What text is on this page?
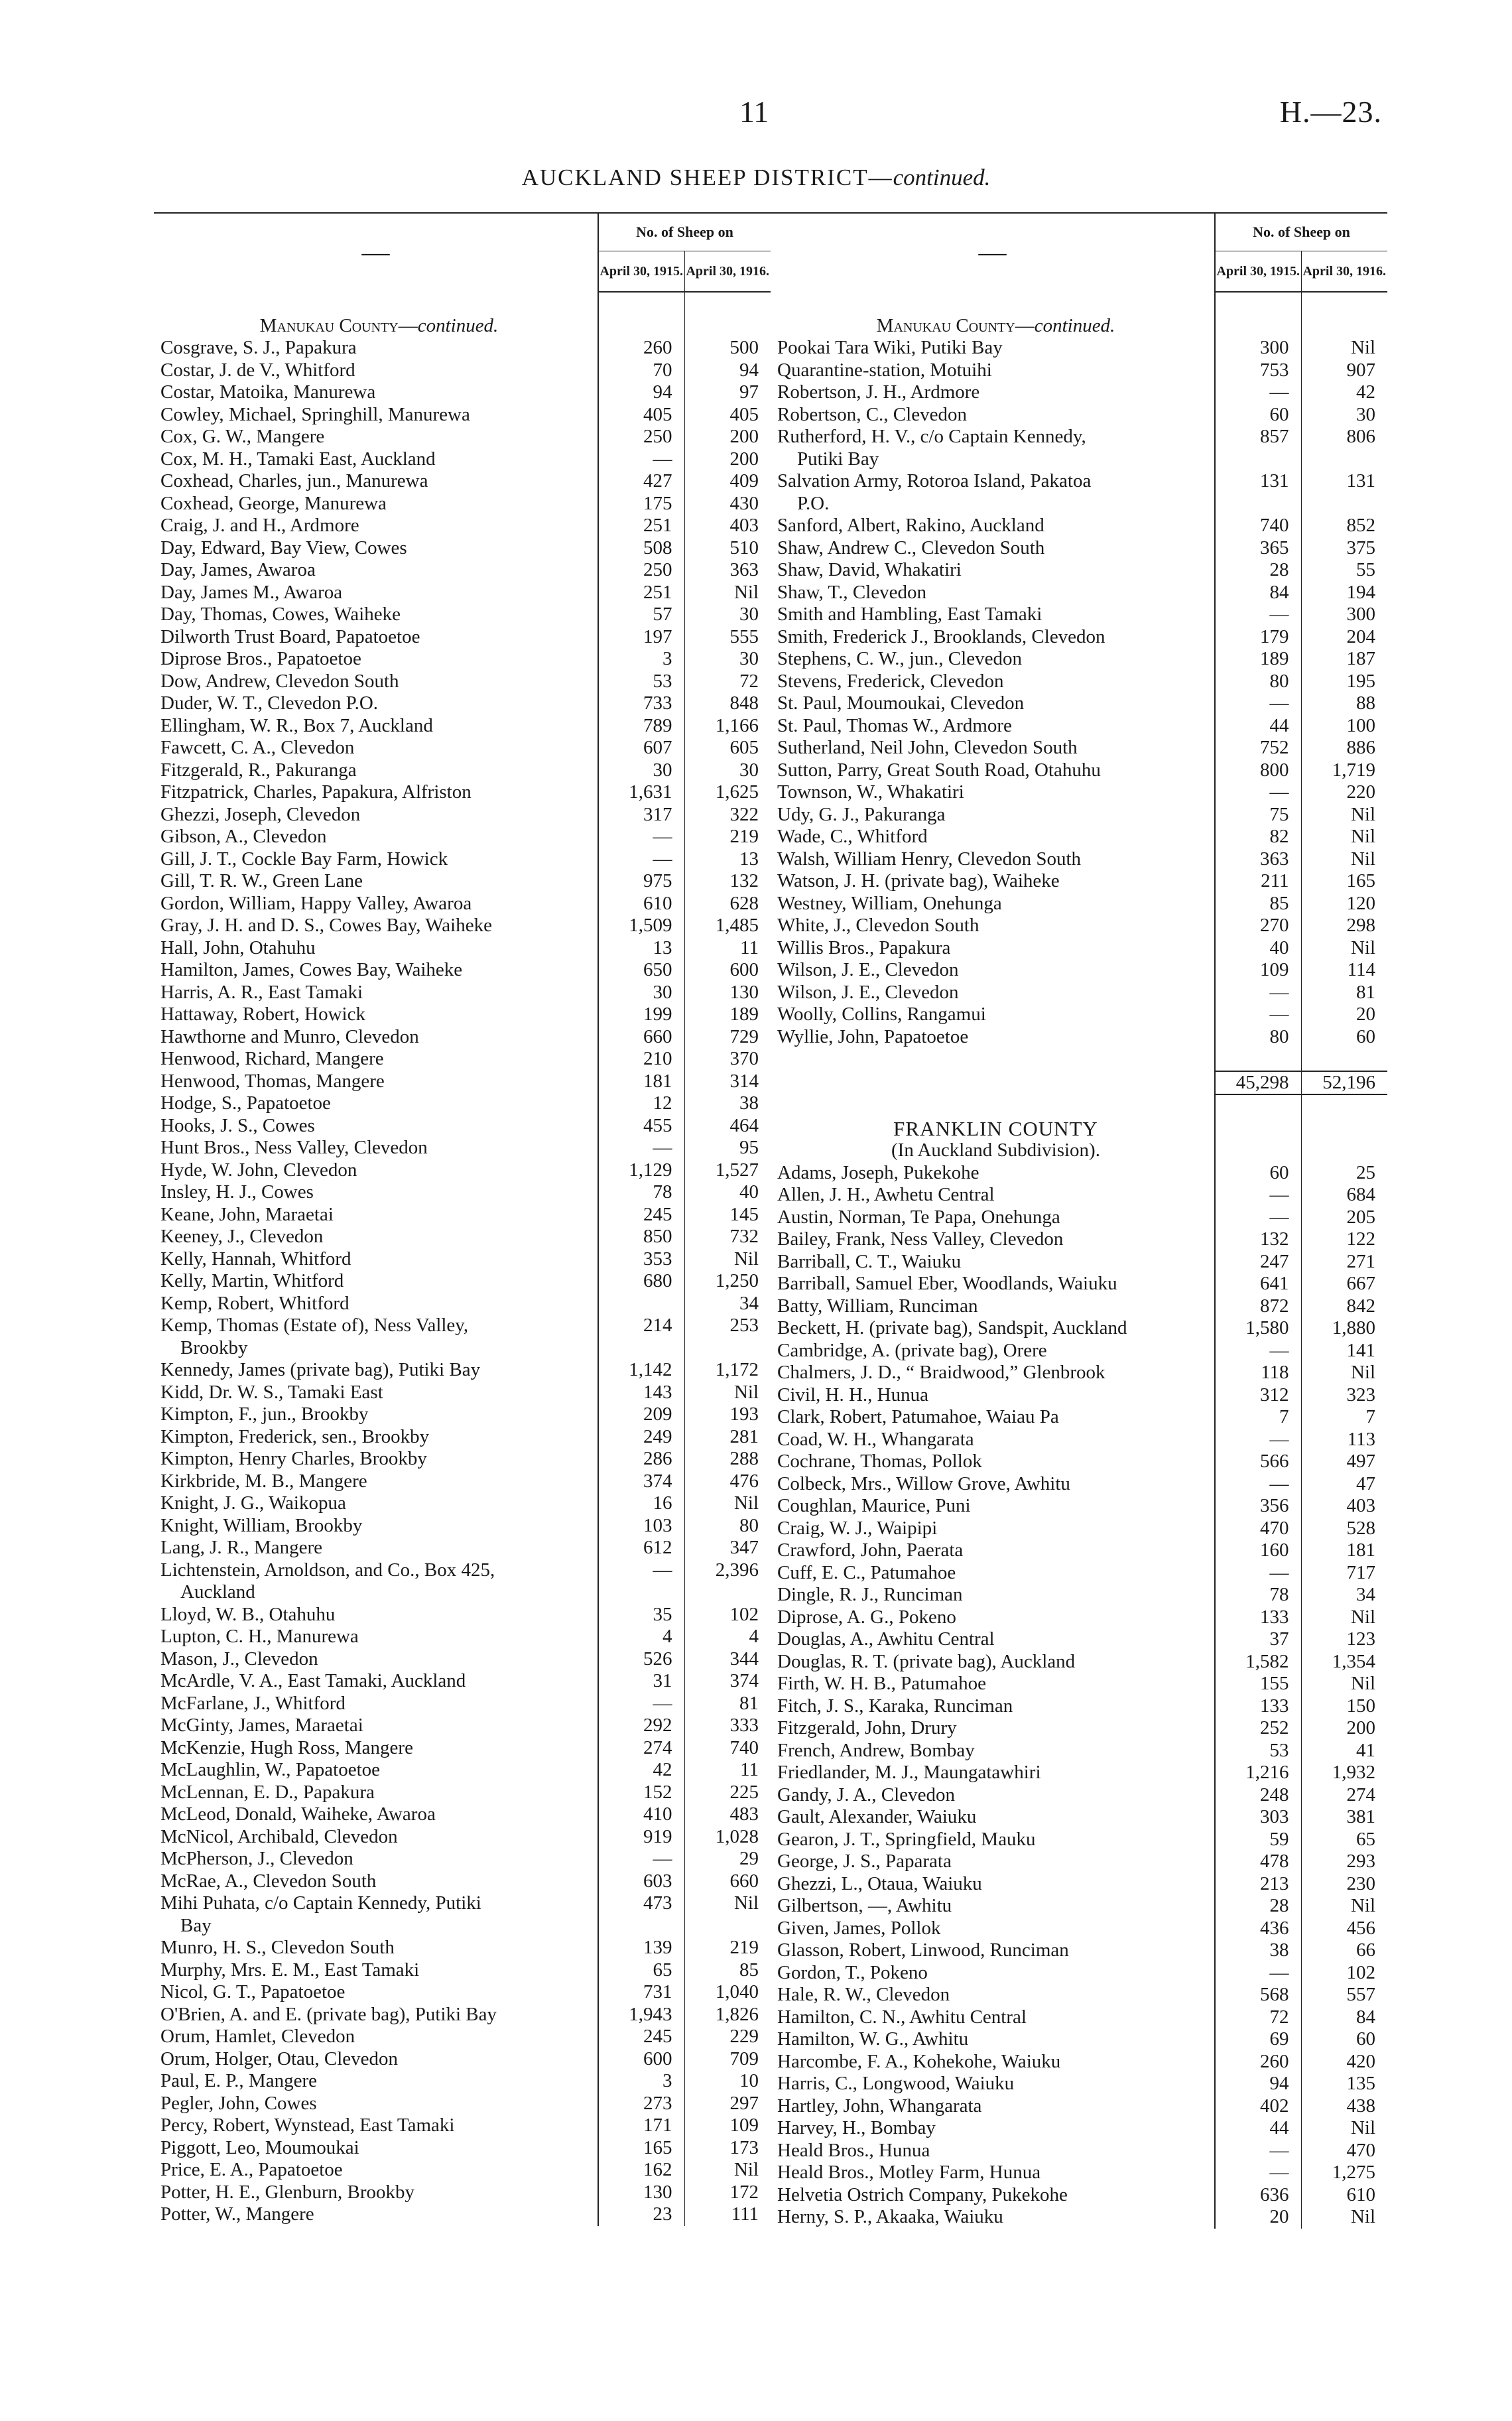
11	H.—23.
AUCKLAND SHEEP DISTRICT—continued.
—	No. of Sheep on	
	April 30, 1915.	April 30, 1916.

Manukau County—continued.		
Cosgrave, S. J., Papakura	260	500
Costar, J. de V., Whitford	70	94
Costar, Matoika, Manurewa	94	97
Cowley, Michael, Springhill, Manurewa	405	405
Cox, G. W., Mangere	250	200
Cox, M. H., Tamaki East, Auckland	—	200
Coxhead, Charles, jun., Manurewa	427	409
Coxhead, George, Manurewa	175	430
Craig, J. and H., Ardmore	251	403
Day, Edward, Bay View, Cowes	508	510
Day, James, Awaroa	250	363
Day, James M., Awaroa	251	Nil
Day, Thomas, Cowes, Waiheke	57	30
Dilworth Trust Board, Papatoetoe	197	555
Diprose Bros., Papatoetoe	3	30
Dow, Andrew, Clevedon South	53	72
Duder, W. T., Clevedon P.O.	733	848
Ellingham, W. R., Box 7, Auckland	789	1,166
Fawcett, C. A., Clevedon	607	605
Fitzgerald, R., Pakuranga	30	30
Fitzpatrick, Charles, Papakura, Alfriston	1,631	1,625
Ghezzi, Joseph, Clevedon	317	322
Gibson, A., Clevedon	—	219
Gill, J. T., Cockle Bay Farm, Howick	—	13
Gill, T. R. W., Green Lane	975	132
Gordon, William, Happy Valley, Awaroa	610	628
Gray, J. H. and D. S., Cowes Bay, Waiheke	1,509	1,485
Hall, John, Otahuhu	13	11
Hamilton, James, Cowes Bay, Waiheke	650	600
Harris, A. R., East Tamaki	30	130
Hattaway, Robert, Howick	199	189
Hawthorne and Munro, Clevedon	660	729
Henwood, Richard, Mangere	210	370
Henwood, Thomas, Mangere	181	314
Hodge, S., Papatoetoe	12	38
Hooks, J. S., Cowes	455	464
Hunt Bros., Ness Valley, Clevedon	—	95
Hyde, W. John, Clevedon	1,129	1,527
Insley, H. J., Cowes	78	40
Keane, John, Maraetai	245	145
Keeney, J., Clevedon	850	732
Kelly, Hannah, Whitford	353	Nil
Kelly, Martin, Whitford	680	1,250
Kemp, Robert, Whitford		34
Kemp, Thomas (Estate of), Ness Valley,	214	253
Brookby		
Kennedy, James (private bag), Putiki Bay	1,142	1,172
Kidd, Dr. W. S., Tamaki East	143	Nil
Kimpton, F., jun., Brookby	209	193
Kimpton, Frederick, sen., Brookby	249	281
Kimpton, Henry Charles, Brookby	286	288
Kirkbride, M. B., Mangere	374	476
Knight, J. G., Waikopua	16	Nil
Knight, William, Brookby	103	80
Lang, J. R., Mangere	612	347
Lichtenstein, Arnoldson, and Co., Box 425,	—	2,396
Auckland		
Lloyd, W. B., Otahuhu	35	102
Lupton, C. H., Manurewa	4	4
Mason, J., Clevedon	526	344
McArdle, V. A., East Tamaki, Auckland	31	374
McFarlane, J., Whitford	—	81
McGinty, James, Maraetai	292	333
McKenzie, Hugh Ross, Mangere	274	740
McLaughlin, W., Papatoetoe	42	11
McLennan, E. D., Papakura	152	225
McLeod, Donald, Waiheke, Awaroa	410	483
McNicol, Archibald, Clevedon	919	1,028
McPherson, J., Clevedon	—	29
McRae, A., Clevedon South	603	660
Mihi Puhata, c/o Captain Kennedy, Putiki	473	Nil
Bay		
Munro, H. S., Clevedon South	139	219
Murphy, Mrs. E. M., East Tamaki	65	85
Nicol, G. T., Papatoetoe	731	1,040
O'Brien, A. and E. (private bag), Putiki Bay	1,943	1,826
Orum, Hamlet, Clevedon	245	229
Orum, Holger, Otau, Clevedon	600	709
Paul, E. P., Mangere	3	10
Pegler, John, Cowes	273	297
Percy, Robert, Wynstead, East Tamaki	171	109
Piggott, Leo, Moumoukai	165	173
Price, E. A., Papatoetoe	162	Nil
Potter, H. E., Glenburn, Brookby	130	172
Potter, W., Mangere	23	111
—	No. of Sheep on	
	April 30, 1915.	April 30, 1916.

Manukau County—continued.		
Pookai Tara Wiki, Putiki Bay	300	Nil
Quarantine-station, Motuihi	753	907
Robertson, J. H., Ardmore	—	42
Robertson, C., Clevedon	60	30
Rutherford, H. V., c/o Captain Kennedy,	857	806
Putiki Bay		
Salvation Army, Rotoroa Island, Pakatoa	131	131
P.O.		
Sanford, Albert, Rakino, Auckland	740	852
Shaw, Andrew C., Clevedon South	365	375
Shaw, David, Whakatiri	28	55
Shaw, T., Clevedon	84	194
Smith and Hambling, East Tamaki	—	300
Smith, Frederick J., Brooklands, Clevedon	179	204
Stephens, C. W., jun., Clevedon	189	187
Stevens, Frederick, Clevedon	80	195
St. Paul, Moumoukai, Clevedon	—	88
St. Paul, Thomas W., Ardmore	44	100
Sutherland, Neil John, Clevedon South	752	886
Sutton, Parry, Great South Road, Otahuhu	800	1,719
Townson, W., Whakatiri	—	220
Udy, G. J., Pakuranga	75	Nil
Wade, C., Whitford	82	Nil
Walsh, William Henry, Clevedon South	363	Nil
Watson, J. H. (private bag), Waiheke	211	165
Westney, William, Onehunga	85	120
White, J., Clevedon South	270	298
Willis Bros., Papakura	40	Nil
Wilson, J. E., Clevedon	109	114
Wilson, J. E., Clevedon	—	81
Woolly, Collins, Rangamui	—	20
Wyllie, John, Papatoetoe	80	60

	45,298	52,196

FRANKLIN COUNTY		
(In Auckland Subdivision).		
Adams, Joseph, Pukekohe	60	25
Allen, J. H., Awhetu Central	—	684
Austin, Norman, Te Papa, Onehunga	—	205
Bailey, Frank, Ness Valley, Clevedon	132	122
Barriball, C. T., Waiuku	247	271
Barriball, Samuel Eber, Woodlands, Waiuku	641	667
Batty, William, Runciman	872	842
Beckett, H. (private bag), Sandspit, Auckland	1,580	1,880
Cambridge, A. (private bag), Orere	—	141
Chalmers, J. D., “ Braidwood,” Glenbrook	118	Nil
Civil, H. H., Hunua	312	323
Clark, Robert, Patumahoe, Waiau Pa	7	7
Coad, W. H., Whangarata	—	113
Cochrane, Thomas, Pollok	566	497
Colbeck, Mrs., Willow Grove, Awhitu	—	47
Coughlan, Maurice, Puni	356	403
Craig, W. J., Waipipi	470	528
Crawford, John, Paerata	160	181
Cuff, E. C., Patumahoe	—	717
Dingle, R. J., Runciman	78	34
Diprose, A. G., Pokeno	133	Nil
Douglas, A., Awhitu Central	37	123
Douglas, R. T. (private bag), Auckland	1,582	1,354
Firth, W. H. B., Patumahoe	155	Nil
Fitch, J. S., Karaka, Runciman	133	150
Fitzgerald, John, Drury	252	200
French, Andrew, Bombay	53	41
Friedlander, M. J., Maungatawhiri	1,216	1,932
Gandy, J. A., Clevedon	248	274
Gault, Alexander, Waiuku	303	381
Gearon, J. T., Springfield, Mauku	59	65
George, J. S., Paparata	478	293
Ghezzi, L., Otaua, Waiuku	213	230
Gilbertson, —, Awhitu	28	Nil
Given, James, Pollok	436	456
Glasson, Robert, Linwood, Runciman	38	66
Gordon, T., Pokeno	—	102
Hale, R. W., Clevedon	568	557
Hamilton, C. N., Awhitu Central	72	84
Hamilton, W. G., Awhitu	69	60
Harcombe, F. A., Kohekohe, Waiuku	260	420
Harris, C., Longwood, Waiuku	94	135
Hartley, John, Whangarata	402	438
Harvey, H., Bombay	44	Nil
Heald Bros., Hunua	—	470
Heald Bros., Motley Farm, Hunua	—	1,275
Helvetia Ostrich Company, Pukekohe	636	610
Herny, S. P., Akaaka, Waiuku	20	Nil
